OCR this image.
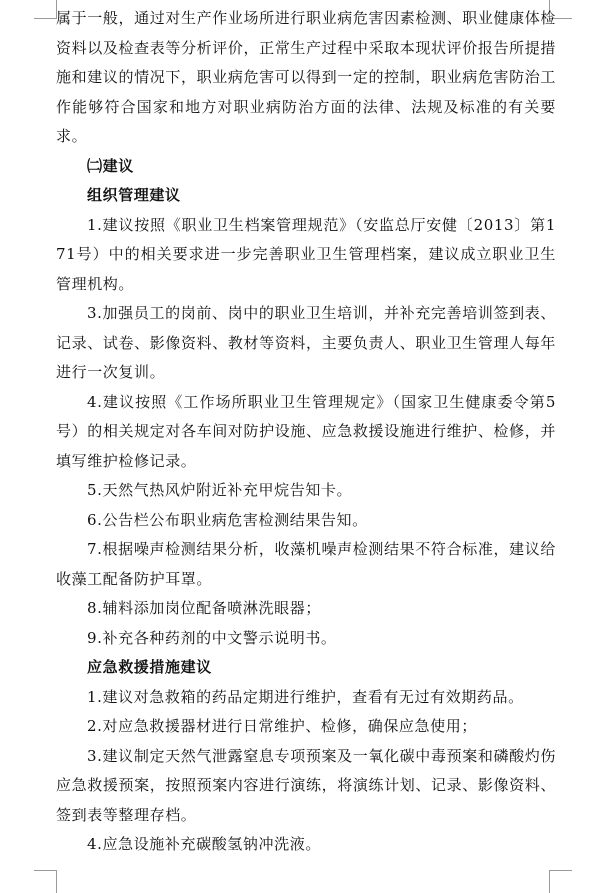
属于一般，通过对生产作业场所进行职业病危害因素检测、职业健康体检资料以及检查表等分析评价，正常生产过程中采取本现状评价报告所提措施和建议的情况下，职业病危害可以得到一定的控制，职业病危害防治工作能够符合国家和地方对职业病防治方面的法律、法规及标准的有关要求。

㈡建议

组织管理建议

1.建议按照《职业卫生档案管理规范》（安监总厅安健〔2013〕第171号）中的相关要求进一步完善职业卫生管理档案，建议成立职业卫生管理机构。

3.加强员工的岗前、岗中的职业卫生培训，并补充完善培训签到表、记录、试卷、影像资料、教材等资料，主要负责人、职业卫生管理人每年进行一次复训。

4.建议按照《工作场所职业卫生管理规定》（国家卫生健康委令第5号）的相关规定对各车间对防护设施、应急救援设施进行维护、检修，并填写维护检修记录。

5.天然气热风炉附近补充甲烷告知卡。

6.公告栏公布职业病危害检测结果告知。

7.根据噪声检测结果分析，收藻机噪声检测结果不符合标准，建议给收藻工配备防护耳罩。

8.辅料添加岗位配备喷淋洗眼器；

9.补充各种药剂的中文警示说明书。

应急救援措施建议

1.建议对急救箱的药品定期进行维护，查看有无过有效期药品。

2.对应急救援器材进行日常维护、检修，确保应急使用；

3.建议制定天然气泄露窒息专项预案及一氧化碳中毒预案和磷酸灼伤应急救援预案，按照预案内容进行演练，将演练计划、记录、影像资料、签到表等整理存档。

4.应急设施补充碳酸氢钠冲洗液。
